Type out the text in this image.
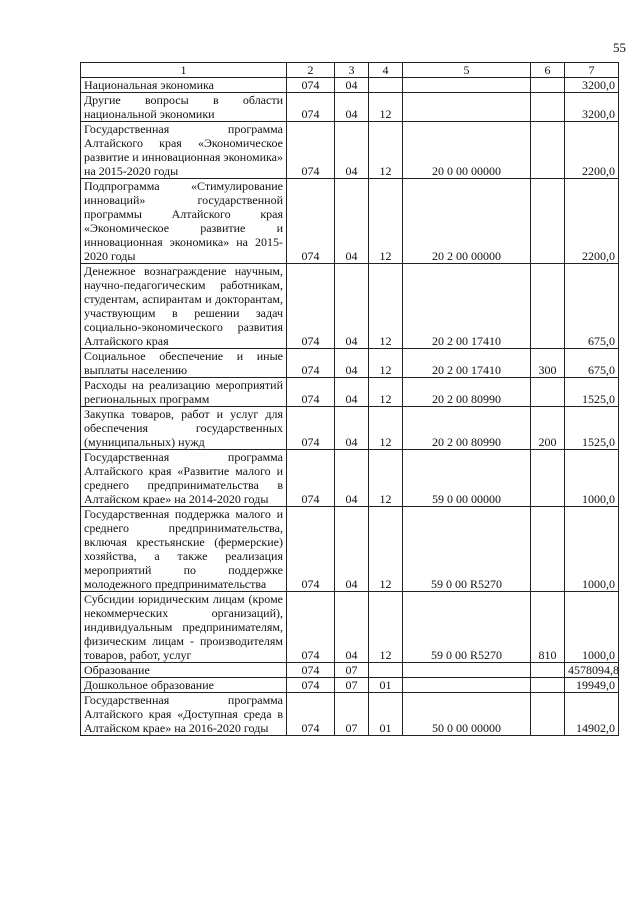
55
1	2	3	4	5	6	7
Национальная экономика	074	04				3200,0
Другие вопросы в области национальной экономики	074	04	12			3200,0
Государственная программа Алтайского края «Экономическое развитие и инновационная экономика» на 2015-2020 годы	074	04	12	20 0 00 00000		2200,0
Подпрограмма «Стимулирование инноваций» государственной программы Алтайского края «Экономическое развитие и инновационная экономика» на 2015-2020 годы	074	04	12	20 2 00 00000		2200,0
Денежное вознаграждение научным, научно-педагогическим работникам, студентам, аспирантам и докторантам, участвующим в решении задач социально-экономического развития Алтайского края	074	04	12	20 2 00 17410		675,0
Социальное обеспечение и иные выплаты населению	074	04	12	20 2 00 17410	300	675,0
Расходы на реализацию мероприятий региональных программ	074	04	12	20 2 00 80990		1525,0
Закупка товаров, работ и услуг для обеспечения государственных (муниципальных) нужд	074	04	12	20 2 00 80990	200	1525,0
Государственная программа Алтайского края «Развитие малого и среднего предпринимательства в Алтайском крае» на 2014-2020 годы	074	04	12	59 0 00 00000		1000,0
Государственная поддержка малого и среднего предпринимательства, включая крестьянские (фермерские) хозяйства, а также реализация мероприятий по поддержке молодежного предпринимательства	074	04	12	59 0 00 R5270		1000,0
Субсидии юридическим лицам (кроме некоммерческих организаций), индивидуальным предпринимателям, физическим лицам - производителям товаров, работ, услуг	074	04	12	59 0 00 R5270	810	1000,0
Образование	074	07				4578094,8
Дошкольное образование	074	07	01			19949,0
Государственная программа Алтайского края «Доступная среда в Алтайском крае» на 2016-2020 годы	074	07	01	50 0 00 00000		14902,0
